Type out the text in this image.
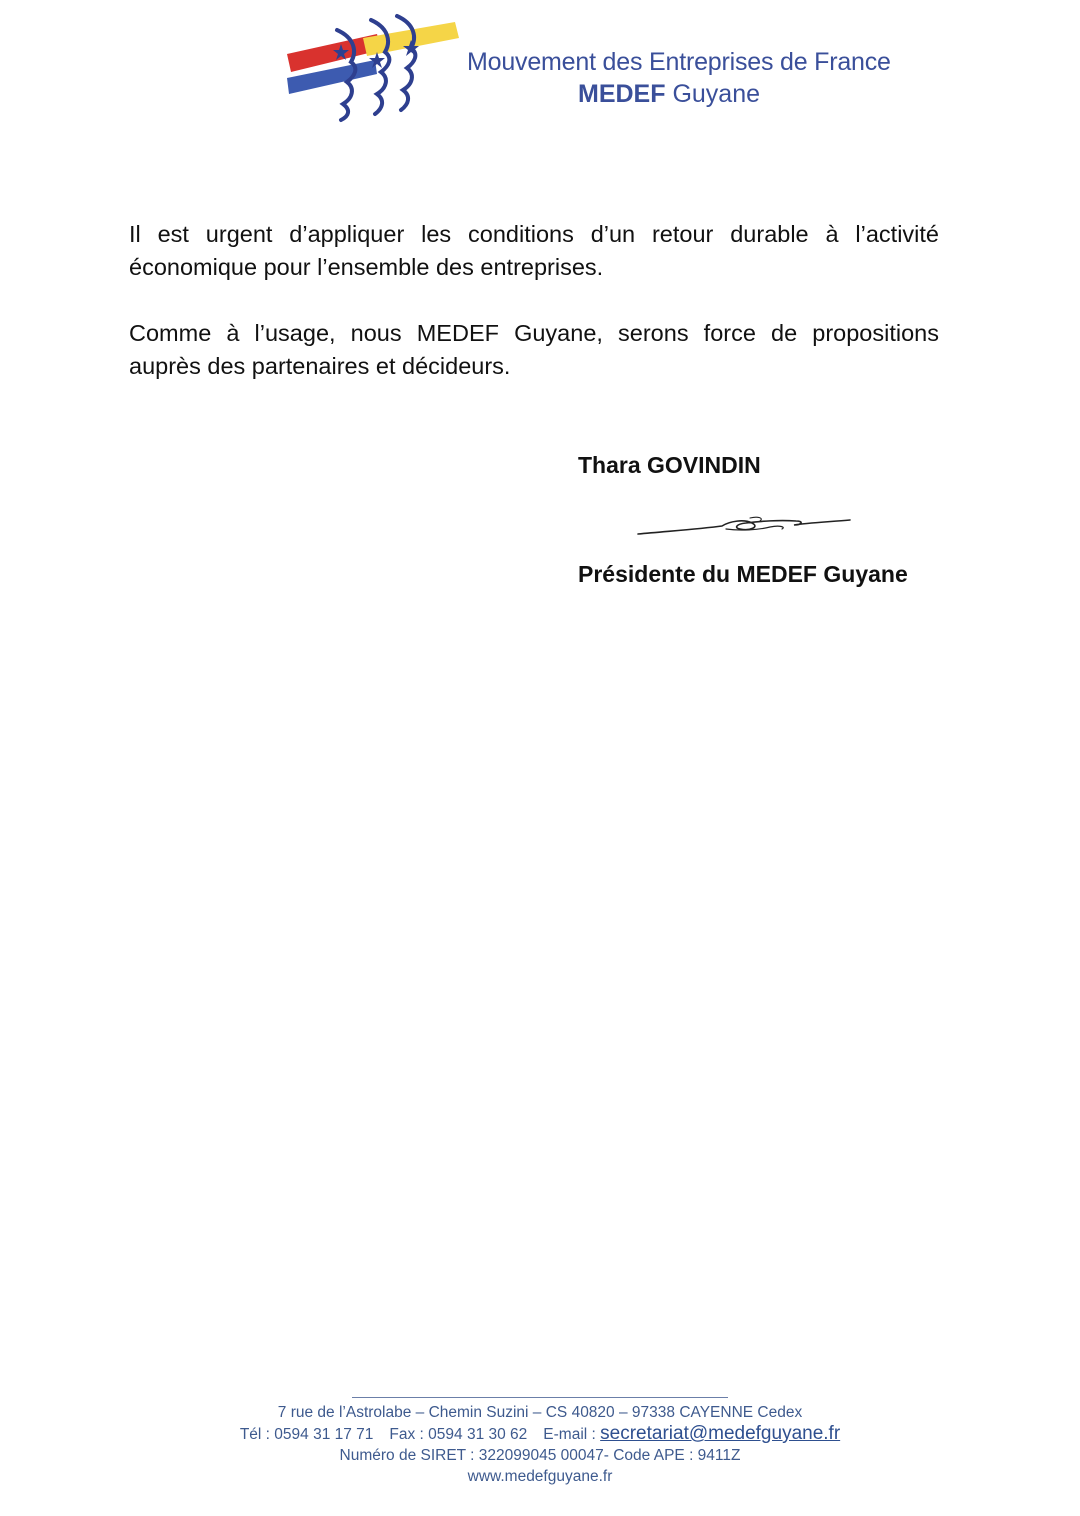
Mouvement des Entreprises de France
MEDEF Guyane

Il est urgent d’appliquer les conditions d’un retour durable à l’activité économique pour l’ensemble des entreprises.

Comme à l’usage, nous MEDEF Guyane, serons force de propositions auprès des partenaires et décideurs.

Thara GOVINDIN
Présidente du MEDEF Guyane
7 rue de l’Astrolabe – Chemin Suzini – CS 40820 – 97338 CAYENNE Cedex
Tél : 0594 31 17 71 Fax : 0594 31 30 62 E-mail : secretariat@medefguyane.fr
Numéro de SIRET : 322099045 00047- Code APE : 9411Z
www.medefguyane.fr
